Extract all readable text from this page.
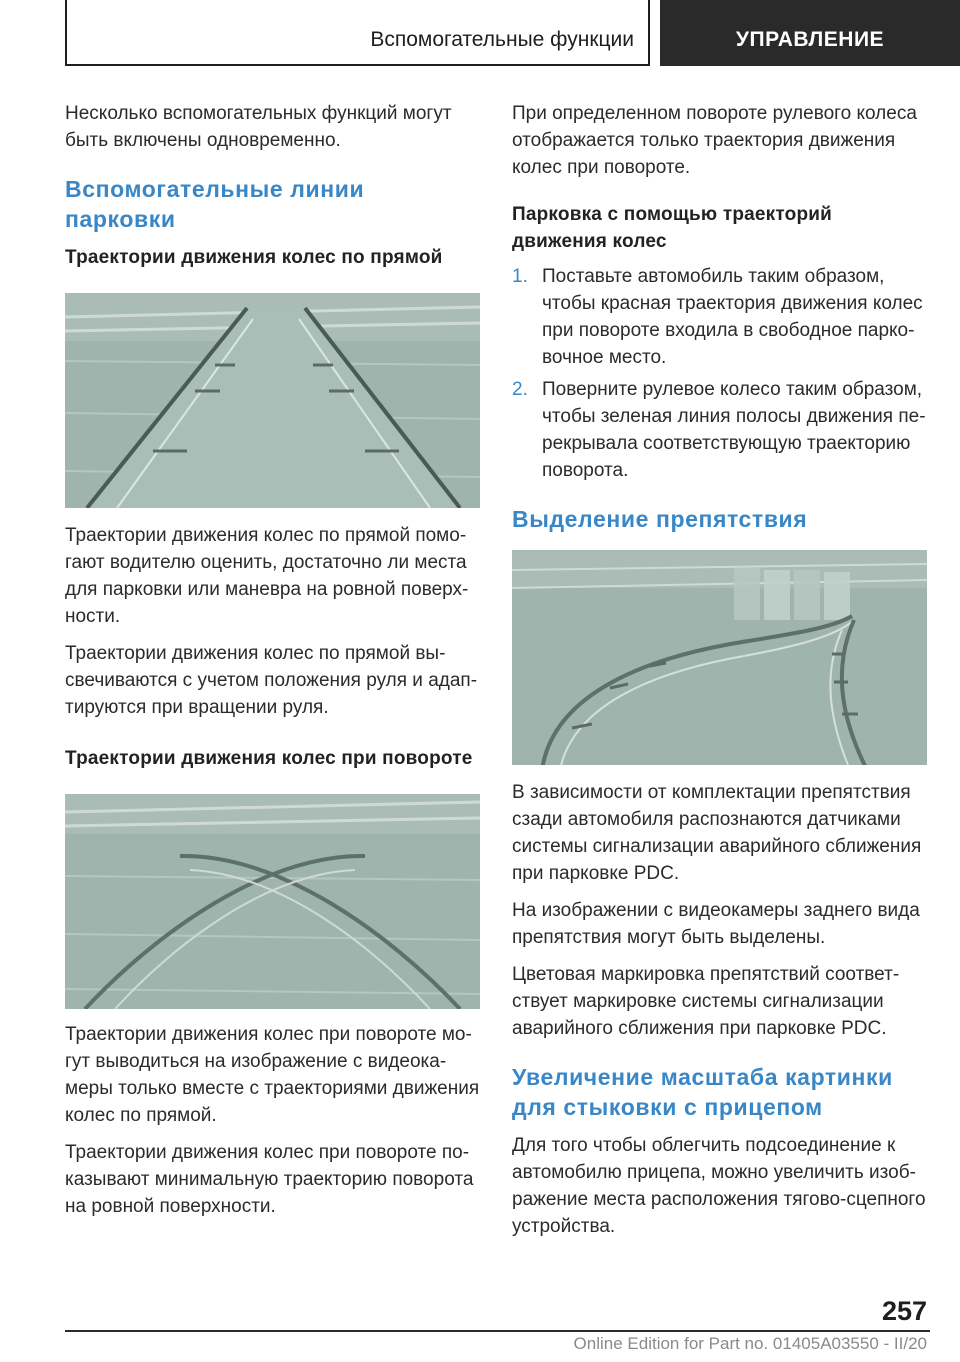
Вспомогательные функции	УПРАВЛЕНИЕ

Несколько вспомогательных функций могут быть включены одновременно.

Вспомогательные линии парковки
Траектории движения колес по прямой

Траектории движения колес по прямой помогают водителю оценить, достаточно ли места для парковки или маневра на ровной поверхности.

Траектории движения колес по прямой высвечиваются с учетом положения руля и адаптируются при вращении руля.

Траектории движения колес при повороте

Траектории движения колес при повороте могут выводиться на изображение с видеокамеры только вместе с траекториями движения колес по прямой.

Траектории движения колес при повороте показывают минимальную траекторию поворота на ровной поверхности.

При определенном повороте рулевого колеса отображается только траектория движения колес при повороте.

Парковка с помощью траекторий движения колес
1. Поставьте автомобиль таким образом, чтобы красная траектория движения колес при повороте входила в свободное парковочное место.
2. Поверните рулевое колесо таким образом, чтобы зеленая линия полосы движения перекрывала соответствующую траекторию поворота.
Выделение препятствия

В зависимости от комплектации препятствия сзади автомобиля распознаются датчиками системы сигнализации аварийного сближения при парковке PDC.

На изображении с видеокамеры заднего вида препятствия могут быть выделены.

Цветовая маркировка препятствий соответствует маркировке системы сигнализации аварийного сближения при парковке PDC.

Увеличение масштаба картинки для стыковки с прицепом

Для того чтобы облегчить подсоединение к автомобилю прицепа, можно увеличить изображение места расположения тягово-сцепного устройства.

257
Online Edition for Part no. 01405A03550 - II/20
